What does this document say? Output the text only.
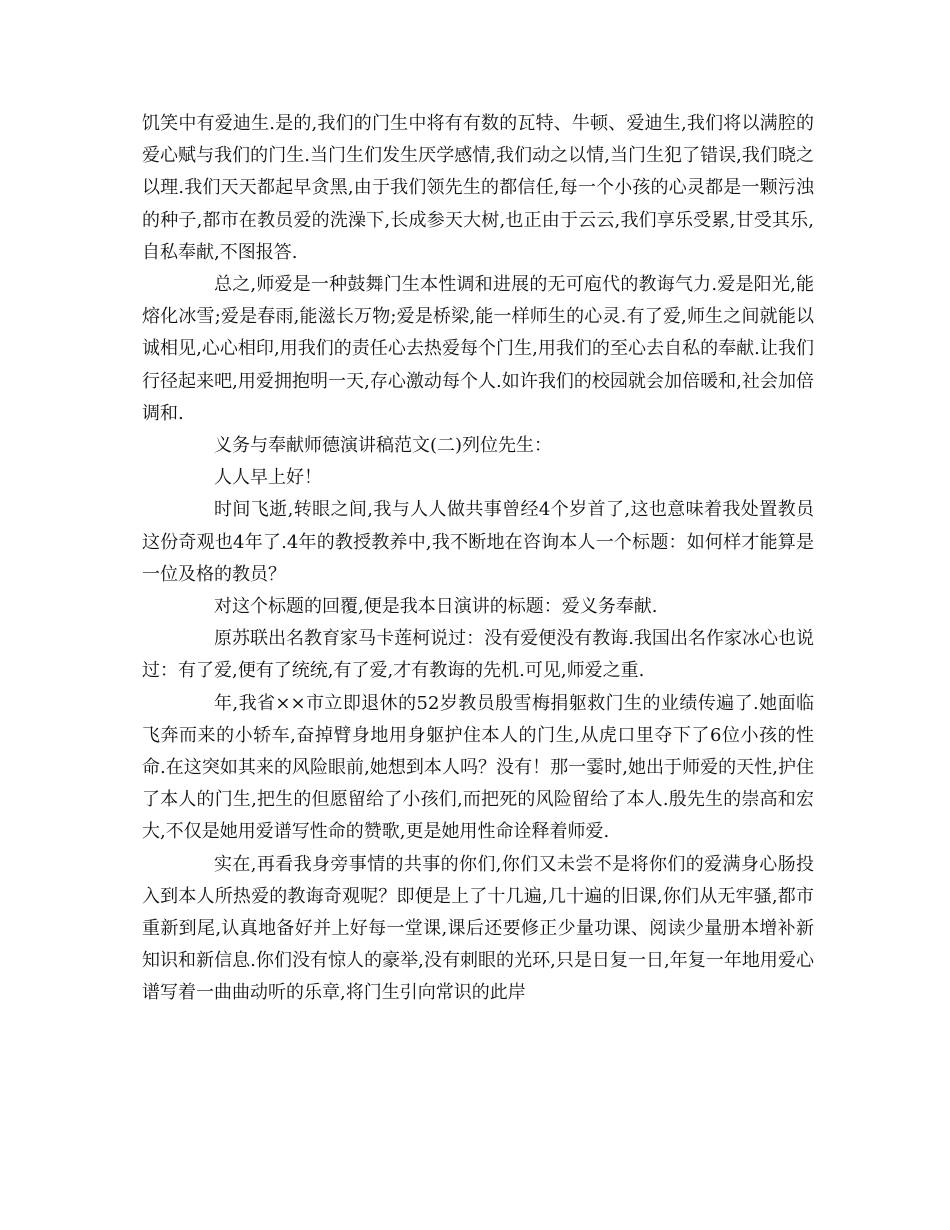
饥笑中有爱迪生.是的,我们的门生中将有有数的瓦特、牛顿、爱迪生,我们将以满腔的爱心赋与我们的门生.当门生们发生厌学感情,我们动之以情,当门生犯了错误,我们晓之以理.我们天天都起早贪黑,由于我们领先生的都信任,每一个小孩的心灵都是一颗污浊的种子,都市在教员爱的洗澡下,长成参天大树,也正由于云云,我们享乐受累,甘受其乐,自私奉献,不图报答.

总之,师爱是一种鼓舞门生本性调和进展的无可庖代的教诲气力.爱是阳光,能熔化冰雪;爱是春雨,能滋长万物;爱是桥梁,能一样师生的心灵.有了爱,师生之间就能以诚相见,心心相印,用我们的责任心去热爱每个门生,用我们的至心去自私的奉献.让我们行径起来吧,用爱拥抱明一天,存心激动每个人.如许我们的校园就会加倍暖和,社会加倍调和.

义务与奉献师德演讲稿范文(二)列位先生：

人人早上好！

时间飞逝,转眼之间,我与人人做共事曾经4个岁首了,这也意味着我处置教员这份奇观也4年了.4年的教授教养中,我不断地在咨询本人一个标题：如何样才能算是一位及格的教员？

对这个标题的回覆,便是我本日演讲的标题：爱义务奉献.

原苏联出名教育家马卡莲柯说过：没有爱便没有教诲.我国出名作家冰心也说过：有了爱,便有了统统,有了爱,才有教诲的先机.可见,师爱之重.

年,我省××市立即退休的52岁教员殷雪梅捐躯救门生的业绩传遍了.她面临飞奔而来的小轿车,奋掉臂身地用身躯护住本人的门生,从虎口里夺下了6位小孩的性命.在这突如其来的风险眼前,她想到本人吗？没有！那一霎时,她出于师爱的天性,护住了本人的门生,把生的但愿留给了小孩们,而把死的风险留给了本人.殷先生的崇高和宏大,不仅是她用爱谱写性命的赞歌,更是她用性命诠释着师爱.

实在,再看我身旁事情的共事的你们,你们又未尝不是将你们的爱满身心肠投入到本人所热爱的教诲奇观呢？即便是上了十几遍,几十遍的旧课,你们从无牢骚,都市重新到尾,认真地备好并上好每一堂课,课后还要修正少量功课、阅读少量册本增补新知识和新信息.你们没有惊人的豪举,没有刺眼的光环,只是日复一日,年复一年地用爱心谱写着一曲曲动听的乐章,将门生引向常识的此岸
